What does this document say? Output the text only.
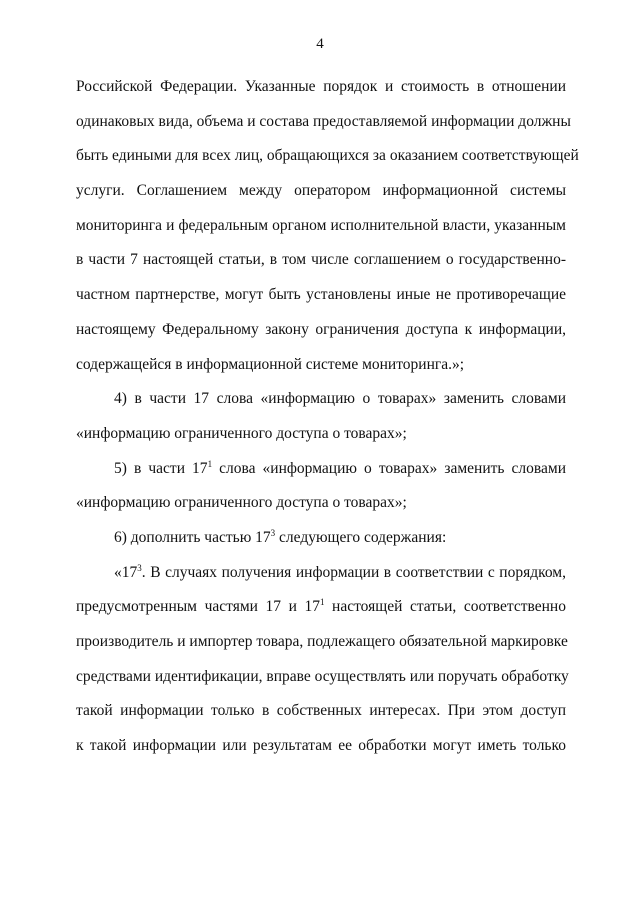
4
Российской Федерации. Указанные порядок и стоимость в отношении
одинаковых вида, объема и состава предоставляемой информации должны
быть едиными для всех лиц, обращающихся за оказанием соответствующей
услуги. Соглашением между оператором информационной системы
мониторинга и федеральным органом исполнительной власти, указанным
в части 7 настоящей статьи, в том числе соглашением о государственно-
частном партнерстве, могут быть установлены иные не противоречащие
настоящему Федеральному закону ограничения доступа к информации,
содержащейся в информационной системе мониторинга.»;
4) в части 17 слова «информацию о товарах» заменить словами
«информацию ограниченного доступа о товарах»;
5) в части $17^1$ слова «информацию о товарах» заменить словами
«информацию ограниченного доступа о товарах»;
6) дополнить частью $17^3$ следующего содержания:
«$17^3$. В случаях получения информации в соответствии с порядком,
предусмотренным частями 17 и $17^1$ настоящей статьи, соответственно
производитель и импортер товара, подлежащего обязательной маркировке
средствами идентификации, вправе осуществлять или поручать обработку
такой информации только в собственных интересах. При этом доступ
к такой информации или результатам ее обработки могут иметь только
